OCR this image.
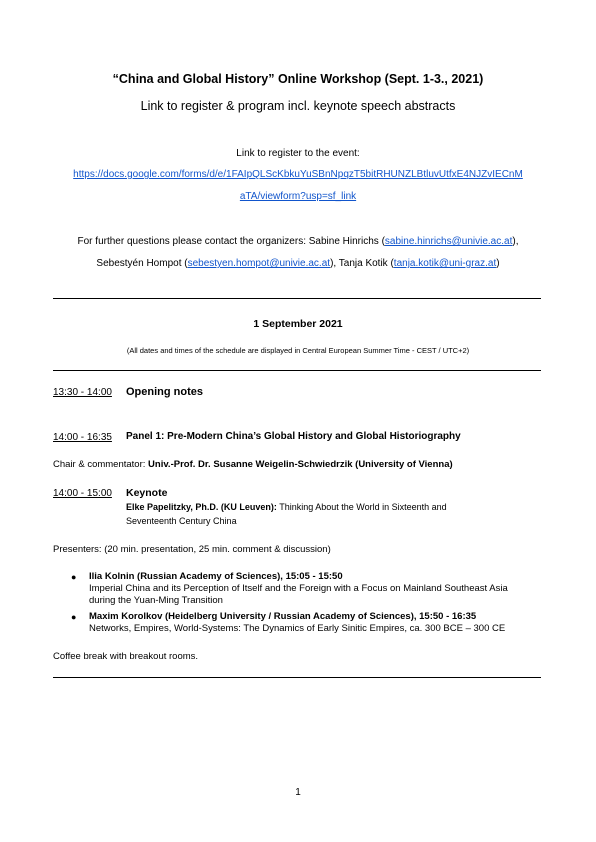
“China and Global History” Online Workshop (Sept. 1-3., 2021)
Link to register & program incl. keynote speech abstracts
Link to register to the event:
https://docs.google.com/forms/d/e/1FAIpQLScKbkuYuSBnNpqzT5bitRHUNZLBtluvUtfxE4NJZvIECnM
aTA/viewform?usp=sf_link
For further questions please contact the organizers: Sabine Hinrichs (sabine.hinrichs@univie.ac.at),
Sebestyén Hompot (sebestyen.hompot@univie.ac.at), Tanja Kotik (tanja.kotik@uni-graz.at)
1 September 2021
(All dates and times of the schedule are displayed in Central European Summer Time - CEST / UTC+2)
13:30 - 14:00 Opening notes
14:00 - 16:35 Panel 1: Pre-Modern China’s Global History and Global Historiography
Chair & commentator: Univ.-Prof. Dr. Susanne Weigelin-Schwiedrzik (University of Vienna)
14:00 - 15:00 Keynote
Elke Papelitzky, Ph.D. (KU Leuven): Thinking About the World in Sixteenth and
Seventeenth Century China
Presenters: (20 min. presentation, 25 min. comment & discussion)
● Ilia Kolnin (Russian Academy of Sciences), 15:05 - 15:50
Imperial China and its Perception of Itself and the Foreign with a Focus on Mainland Southeast Asia
during the Yuan-Ming Transition
● Maxim Korolkov (Heidelberg University / Russian Academy of Sciences), 15:50 - 16:35
Networks, Empires, World-Systems: The Dynamics of Early Sinitic Empires, ca. 300 BCE – 300 CE
Coffee break with breakout rooms.
1
